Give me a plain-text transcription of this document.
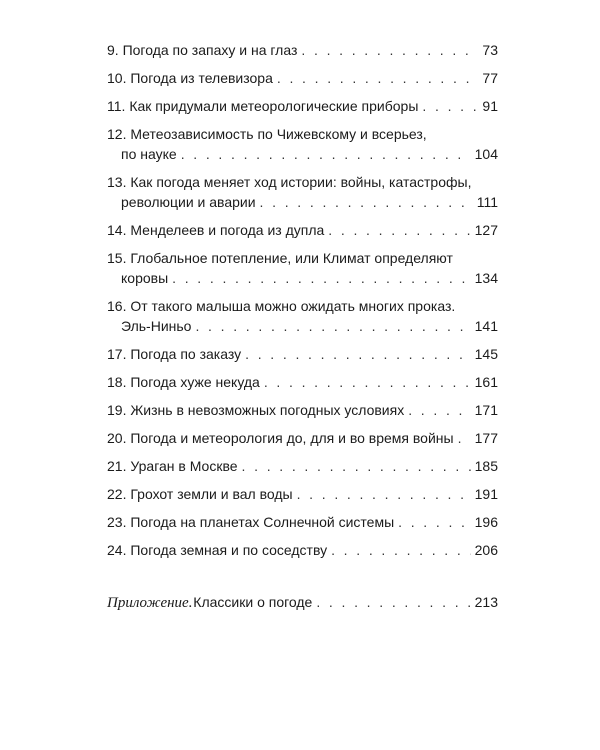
9. Погода по запаху и на глаз . . .	73
10. Погода из телевизора . . .	77
11. Как придумали метеорологические приборы . . .	91
12. Метеозависимость по Чижевскому и всерьез,
по науке . . .	104
13. Как погода меняет ход истории: войны, катастрофы,
революции и аварии . . .	111
14. Менделеев и погода из дупла . . .	127
15. Глобальное потепление, или Климат определяют
коровы . . .	134
16. От такого малыша можно ожидать многих проказ.
Эль-Ниньо . . .	141
17. Погода по заказу . . .	145
18. Погода хуже некуда . . .	161
19. Жизнь в невозможных погодных условиях . . .	171
20. Погода и метеорология до, для и во время войны . . . 177
21. Ураган в Москве . . .	185
22. Грохот земли и вал воды . . .	191
23. Погода на планетах Солнечной системы . . .	196
24. Погода земная и по соседству . . .	206
Приложение. Классики о погоде . . .	213
